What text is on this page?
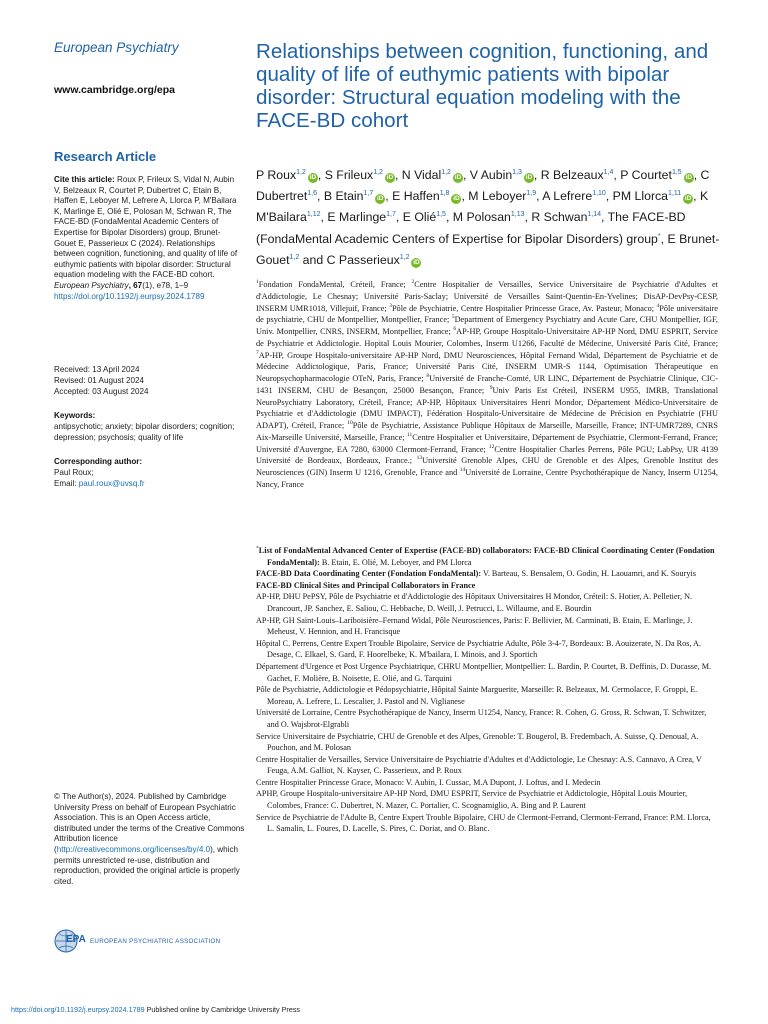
European Psychiatry

www.cambridge.org/epa
Research Article
Cite this article: Roux P, Frileux S, Vidal N, Aubin V, Belzeaux R, Courtet P, Dubertret C, Etain B, Haffen E, Leboyer M, Lefrere A, Llorca P, M'Bailara K, Marlinge E, Olié E, Polosan M, Schwan R, The FACE-BD (FondaMental Academic Centers of Expertise for Bipolar Disorders) group, Brunet-Gouet E, Passerieux C (2024). Relationships between cognition, functioning, and quality of life of euthymic patients with bipolar disorder: Structural equation modeling with the FACE-BD cohort. European Psychiatry, 67(1), e78, 1–9
https://doi.org/10.1192/j.eurpsy.2024.1789
Received: 13 April 2024
Revised: 01 August 2024
Accepted: 03 August 2024
Keywords:
antipsychotic; anxiety; bipolar disorders; cognition; depression; psychosis; quality of life
Corresponding author:
Paul Roux;
Email: paul.roux@uvsq.fr
© The Author(s), 2024. Published by Cambridge University Press on behalf of European Psychiatric Association. This is an Open Access article, distributed under the terms of the Creative Commons Attribution licence (http://creativecommons.org/licenses/by/4.0), which permits unrestricted re-use, distribution and reproduction, provided the original article is properly cited.
EPA EUROPEAN PSYCHIATRIC ASSOCIATION
https://doi.org/10.1192/j.eurpsy.2024.1789 Published online by Cambridge University Press
Relationships between cognition, functioning, and quality of life of euthymic patients with bipolar disorder: Structural equation modeling with the FACE-BD cohort
P Roux$^{1,2}$iD , S Frileux$^{1,2}$iD , N Vidal$^{1,2}$iD , V Aubin$^{1,3}$iD , R Belzeaux$^{1,4}$, P Courtet$^{1,5}$iD , C Dubertret$^{1,6}$, B Etain$^{1,7}$iD , E Haffen$^{1,8}$iD , M Leboyer$^{1,9}$, A Lefrere$^{1,10}$, PM Llorca$^{1,11}$iD , K M'Bailara$^{1,12}$, E Marlinge$^{1,7}$, E Olié$^{1,5}$, M Polosan$^{1,13}$, R Schwan$^{1,14}$, The FACE-BD (FondaMental Academic Centers of Expertise for Bipolar Disorders) group*, E Brunet-Gouet$^{1,2}$ and C Passerieux$^{1,2}$iD
$^1$Fondation FondaMental, Créteil, France; $^2$Centre Hospitalier de Versailles, Service Universitaire de Psychiatrie d'Adultes et d'Addictologie, Le Chesnay; Université Paris-Saclay; Université de Versailles Saint-Quentin-En-Yvelines; DisAP-DevPsy-CESP, INSERM UMR1018, Villejuif, France; $^3$Pôle de Psychiatrie, Centre Hospitalier Princesse Grace, Av. Pasteur, Monaco; $^4$Pôle universitaire de psychiatrie, CHU de Montpellier, Montpellier, France; $^5$Department of Emergency Psychiatry and Acute Care, CHU Montpellier, IGF, Univ. Montpellier, CNRS, INSERM, Montpellier, France; $^6$AP-HP, Groupe Hospitalo-Universitaire AP-HP Nord, DMU ESPRIT, Service de Psychiatrie et Addictologie. Hopital Louis Mourier, Colombes, Inserm U1266, Faculté de Médecine, Université Paris Cité, France; $^7$AP-HP, Groupe Hospitalo-universitaire AP-HP Nord, DMU Neurosciences, Hôpital Fernand Widal, Département de Psychiatrie et de Médecine Addictologique, Paris, France; Université Paris Cité, INSERM UMR-S 1144, Optimisation Thérapeutique en Neuropsychopharmacologie OTeN, Paris, France; $^8$Université de Franche-Comté, UR LINC, Département de Psychiatrie Clinique, CIC-1431 INSERM, CHU de Besançon, 25000 Besançon, France; $^9$Univ Paris Est Créteil, INSERM U955, IMRB, Translational NeuroPsychiatry Laboratory, Créteil, France; AP-HP, Hôpitaux Universitaires Henri Mondor, Département Médico-Universitaire de Psychiatrie et d'Addictologie (DMU IMPACT), Fédération Hospitalo-Universitaire de Médecine de Précision en Psychiatrie (FHU ADAPT), Créteil, France; $^{10}$Pôle de Psychiatrie, Assistance Publique Hôpitaux de Marseille, Marseille, France; INT-UMR7289, CNRS Aix-Marseille Université, Marseille, France; $^{11}$Centre Hospitalier et Universitaire, Département de Psychiatrie, Clermont-Ferrand, France; Université d'Auvergne, EA 7280, 63000 Clermont-Ferrand, France; $^{12}$Centre Hospitalier Charles Perrens, Pôle PGU; LabPsy, UR 4139 Université de Bordeaux, Bordeaux, France.; $^{13}$Université Grenoble Alpes, CHU de Grenoble et des Alpes, Grenoble Institut des Neurosciences (GIN) Inserm U 1216, Grenoble, France and $^{14}$Université de Lorraine, Centre Psychothérapique de Nancy, Inserm U1254, Nancy, France

*List of FondaMental Advanced Center of Expertise (FACE-BD) collaborators: FACE-BD Clinical Coordinating Center (Fondation FondaMental): B. Etain, E. Olié, M. Leboyer, and PM Llorca

FACE-BD Data Coordinating Center (Fondation FondaMental): V. Barteau, S. Bensalem, O. Godin, H. Laouamri, and K. Souryis

FACE-BD Clinical Sites and Principal Collaborators in France

AP-HP, DHU PePSY, Pôle de Psychiatrie et d'Addictologie des Hôpitaux Universitaires H Mondor, Créteil: S. Hotier, A. Pelletier, N. Drancourt, JP. Sanchez, E. Saliou, C. Hebbache, D. Weill, J. Petrucci, L. Willaume, and E. Bourdin

AP-HP, GH Saint-Louis–Lariboisière–Fernand Widal, Pôle Neurosciences, Paris: F. Bellivier, M. Carminati, B. Etain, E. Marlinge, J. Meheust, V. Hennion, and H. Francisque

Hôpital C. Perrens, Centre Expert Trouble Bipolaire, Service de Psychiatrie Adulte, Pôle 3-4-7, Bordeaux: B. Aouizerate, N. Da Ros, A. Desage, C. Elkael, S. Gard, F. Hoorelbeke, K. M'bailara, I. Minois, and J. Sportich

Département d'Urgence et Post Urgence Psychiatrique, CHRU Montpellier, Montpellier: L. Bardin, P. Courtet, B. Deffinis, D. Ducasse, M. Gachet, F. Molière, B. Noisette, E. Olié, and G. Tarquini

Pôle de Psychiatrie, Addictologie et Pédopsychiatrie, Hôpital Sainte Marguerite, Marseille: R. Belzeaux, M. Cermolacce, F. Groppi, E. Moreau, A. Lefrere, L. Lescalier, J. Pastol and N. Viglianese

Université de Lorraine, Centre Psychothérapique de Nancy, Inserm U1254, Nancy, France: R. Cohen, G. Gross, R. Schwan, T. Schwitzer, and O. Wajsbrot-Elgrabli

Service Universitaire de Psychiatrie, CHU de Grenoble et des Alpes, Grenoble: T. Bougerol, B. Fredembach, A. Suisse, Q. Denoual, A. Pouchon, and M. Polosan

Centre Hospitalier de Versailles, Service Universitaire de Psychiatrie d'Adultes et d'Addictologie, Le Chesnay: A.S. Cannavo, A Crea, V Feuga, A.M. Galliot, N. Kayser, C. Passerieux, and P. Roux

Centre Hospitalier Princesse Grace, Monaco: V. Aubin, I. Cussac, M.A Dupont, J. Loftus, and I. Medecin

APHP, Groupe Hospitalo-universitaire AP-HP Nord, DMU ESPRIT, Service de Psychiatrie et Addictologie, Hôpital Louis Mourier, Colombes, France: C. Dubertret, N. Mazer, C. Portalier, C. Scognamiglio, A. Bing and P. Laurent

Service de Psychiatrie de l'Adulte B, Centre Expert Trouble Bipolaire, CHU de Clermont-Ferrand, Clermont-Ferrand, France: P.M. Llorca, L. Samalin, L. Foures, D. Lacelle, S. Pires, C. Doriat, and O. Blanc.
